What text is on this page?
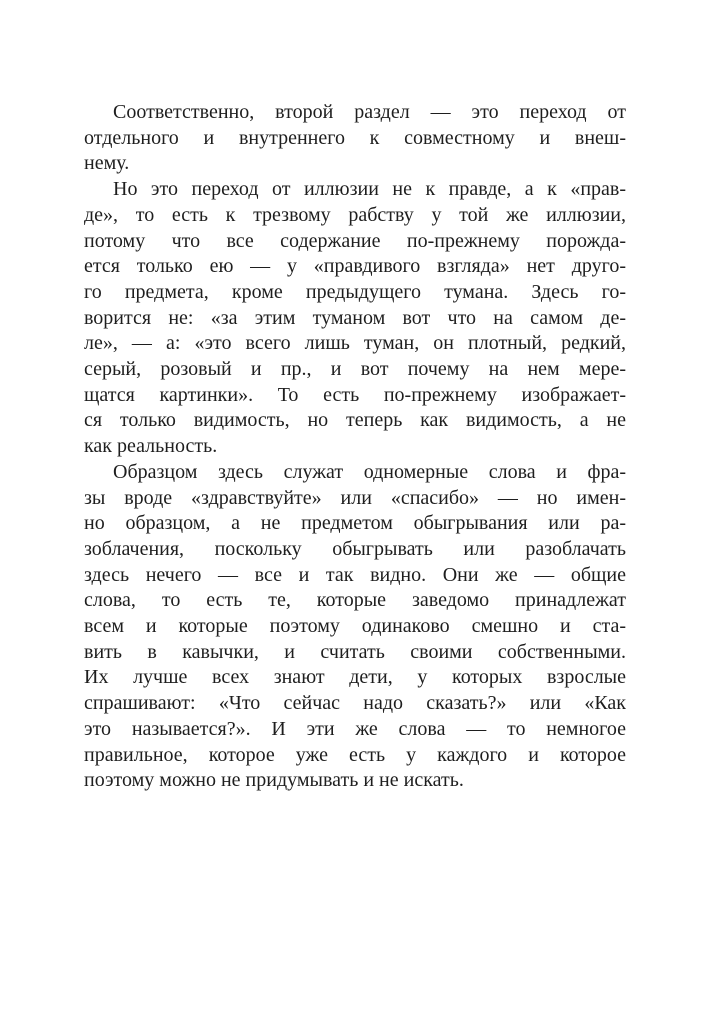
Соответственно, второй раздел — это переход от
отдельного и внутреннего к совместному и внеш-
нему.
Но это переход от иллюзии не к правде, а к «прав-
де», то есть к трезвому рабству у той же иллюзии,
потому что все содержание по-прежнему порожда-
ется только ею — у «правдивого взгляда» нет друго-
го предмета, кроме предыдущего тумана. Здесь го-
ворится не: «за этим туманом вот что на самом де-
ле», — а: «это всего лишь туман, он плотный, редкий,
серый, розовый и пр., и вот почему на нем мере-
щатся картинки». То есть по-прежнему изображает-
ся только видимость, но теперь как видимость, а не
как реальность.
Образцом здесь служат одномерные слова и фра-
зы вроде «здравствуйте» или «спасибо» — но имен-
но образцом, а не предметом обыгрывания или ра-
зоблачения, поскольку обыгрывать или разоблачать
здесь нечего — все и так видно. Они же — общие
слова, то есть те, которые заведомо принадлежат
всем и которые поэтому одинаково смешно и ста-
вить в кавычки, и считать своими собственными.
Их лучше всех знают дети, у которых взрослые
спрашивают: «Что сейчас надо сказать?» или «Как
это называется?». И эти же слова — то немногое
правильное, которое уже есть у каждого и которое
поэтому можно не придумывать и не искать.
